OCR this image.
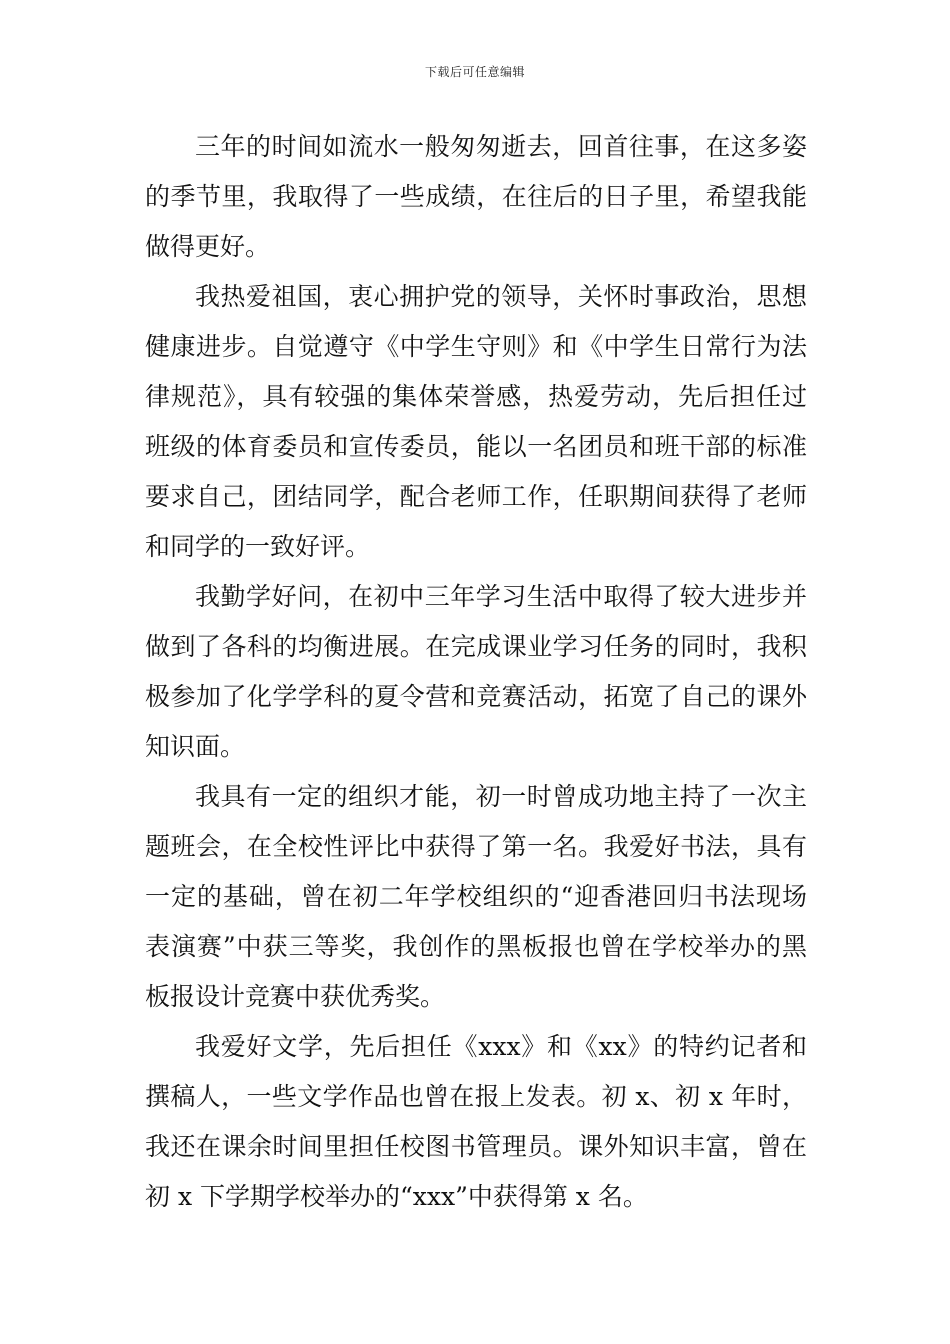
下载后可任意编辑

三年的时间如流水一般匆匆逝去，回首往事，在这多姿的季节里，我取得了一些成绩，在往后的日子里，希望我能做得更好。

我热爱祖国，衷心拥护党的领导，关怀时事政治，思想健康进步。自觉遵守《中学生守则》和《中学生日常行为法律规范》，具有较强的集体荣誉感，热爱劳动，先后担任过班级的体育委员和宣传委员，能以一名团员和班干部的标准要求自己，团结同学，配合老师工作，任职期间获得了老师和同学的一致好评。

我勤学好问，在初中三年学习生活中取得了较大进步并做到了各科的均衡进展。在完成课业学习任务的同时，我积极参加了化学学科的夏令营和竞赛活动，拓宽了自己的课外知识面。

我具有一定的组织才能，初一时曾成功地主持了一次主题班会，在全校性评比中获得了第一名。我爱好书法，具有一定的基础，曾在初二年学校组织的“迎香港回归书法现场表演赛”中获三等奖，我创作的黑板报也曾在学校举办的黑板报设计竞赛中获优秀奖。

我爱好文学，先后担任《xxx》和《xx》的特约记者和撰稿人，一些文学作品也曾在报上发表。初 x、初 x 年时，我还在课余时间里担任校图书管理员。课外知识丰富，曾在初 x 下学期学校举办的“xxx”中获得第 x 名。
